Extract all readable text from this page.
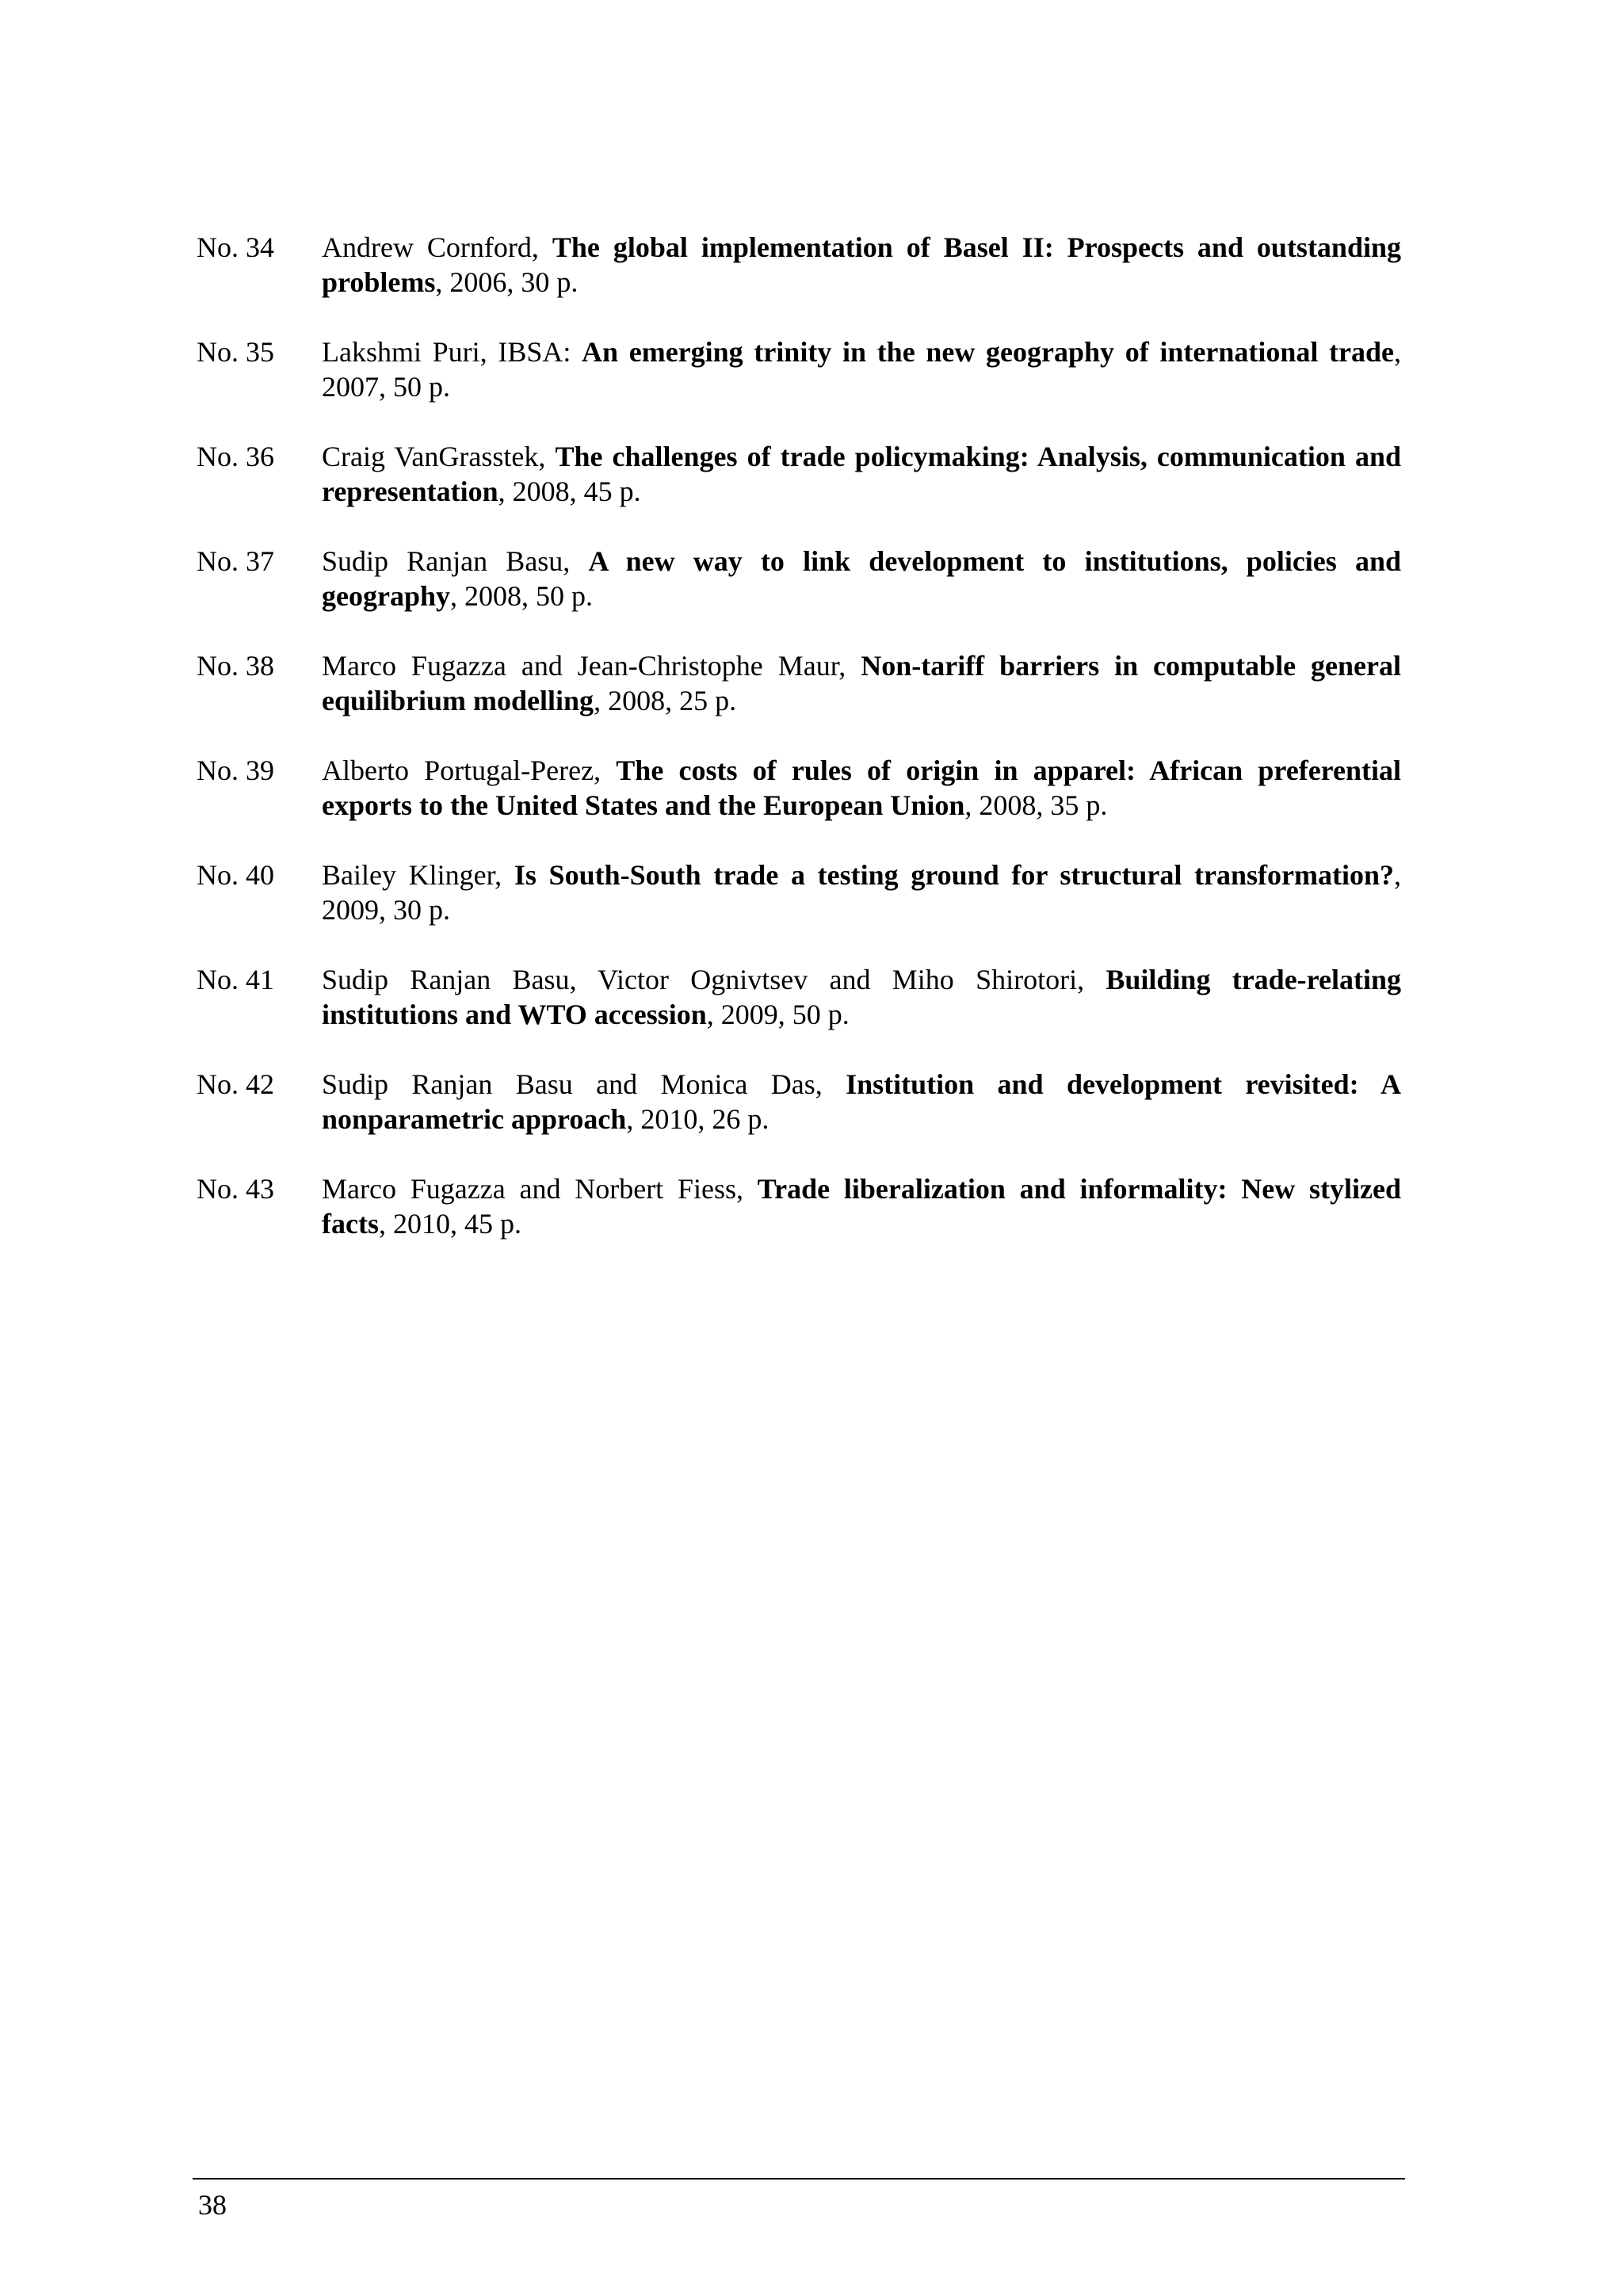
No. 34	Andrew Cornford, The global implementation of Basel II: Prospects and outstanding problems, 2006, 30 p.
No. 35	Lakshmi Puri, IBSA: An emerging trinity in the new geography of international trade, 2007, 50 p.
No. 36	Craig VanGrasstek, The challenges of trade policymaking: Analysis, communication and representation, 2008, 45 p.
No. 37	Sudip Ranjan Basu, A new way to link development to institutions, policies and geography, 2008, 50 p.
No. 38	Marco Fugazza and Jean-Christophe Maur, Non-tariff barriers in computable general equilibrium modelling, 2008, 25 p.
No. 39	Alberto Portugal-Perez, The costs of rules of origin in apparel: African preferential exports to the United States and the European Union, 2008, 35 p.
No. 40	Bailey Klinger, Is South-South trade a testing ground for structural transformation?, 2009, 30 p.
No. 41	Sudip Ranjan Basu, Victor Ognivtsev and Miho Shirotori, Building trade-relating institutions and WTO accession, 2009, 50 p.
No. 42	Sudip Ranjan Basu and Monica Das, Institution and development revisited: A nonparametric approach, 2010, 26 p.
No. 43	Marco Fugazza and Norbert Fiess, Trade liberalization and informality: New stylized facts, 2010, 45 p.
38
